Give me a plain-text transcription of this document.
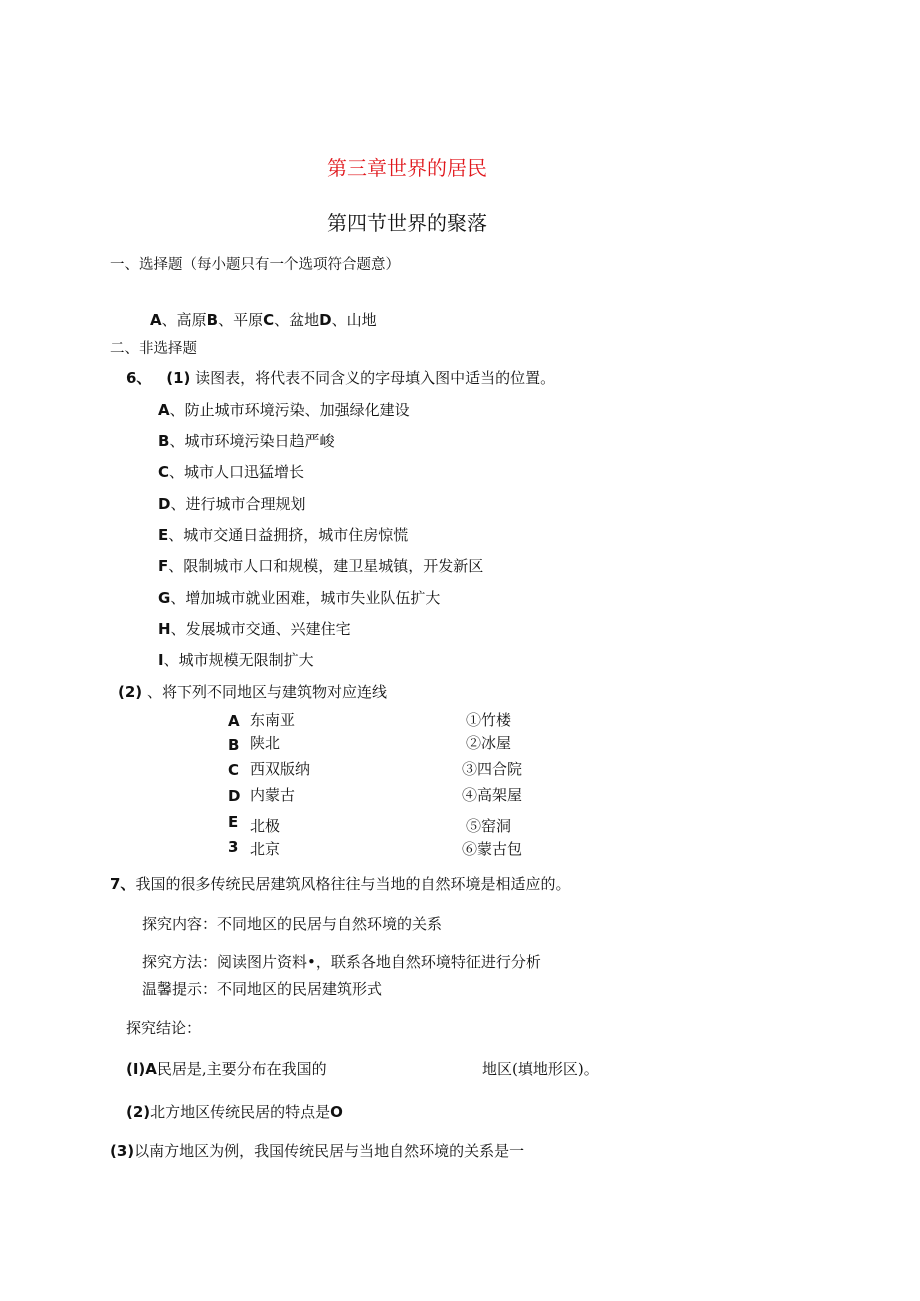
第三章世界的居民
第四节世界的聚落
一、选择题（每小题只有一个选项符合题意）
A、高原B、平原C、盆地D、山地
二、非选择题
6、 (1) 读图表，将代表不同含义的字母填入图中适当的位置。
A、防止城市环境污染、加强绿化建设
B、城市环境污染日趋严峻
C、城市人口迅猛增长
D、进行城市合理规划
E、城市交通日益拥挤，城市住房惊慌
F、限制城市人口和规模，建卫星城镇，开发新区
G、增加城市就业困难，城市失业队伍扩大
H、发展城市交通、兴建住宅
I、城市规模无限制扩大
(2) 、将下列不同地区与建筑物对应连线
A 东南亚	①竹楼
B 陕北	②冰屋
C 西双版纳	③四合院
D 内蒙古	④高架屋
E 北极	⑤窑洞
3 北京	⑥蒙古包
7、我国的很多传统民居建筑风格往往与当地的自然环境是相适应的。
探究内容：不同地区的民居与自然环境的关系
探究方法：阅读图片资料•，联系各地自然环境特征进行分析
温馨提示：不同地区的民居建筑形式
探究结论：
(I)A民居是,主要分布在我国的	地区(填地形区)。
(2)北方地区传统民居的特点是O
(3)以南方地区为例，我国传统民居与当地自然环境的关系是一
